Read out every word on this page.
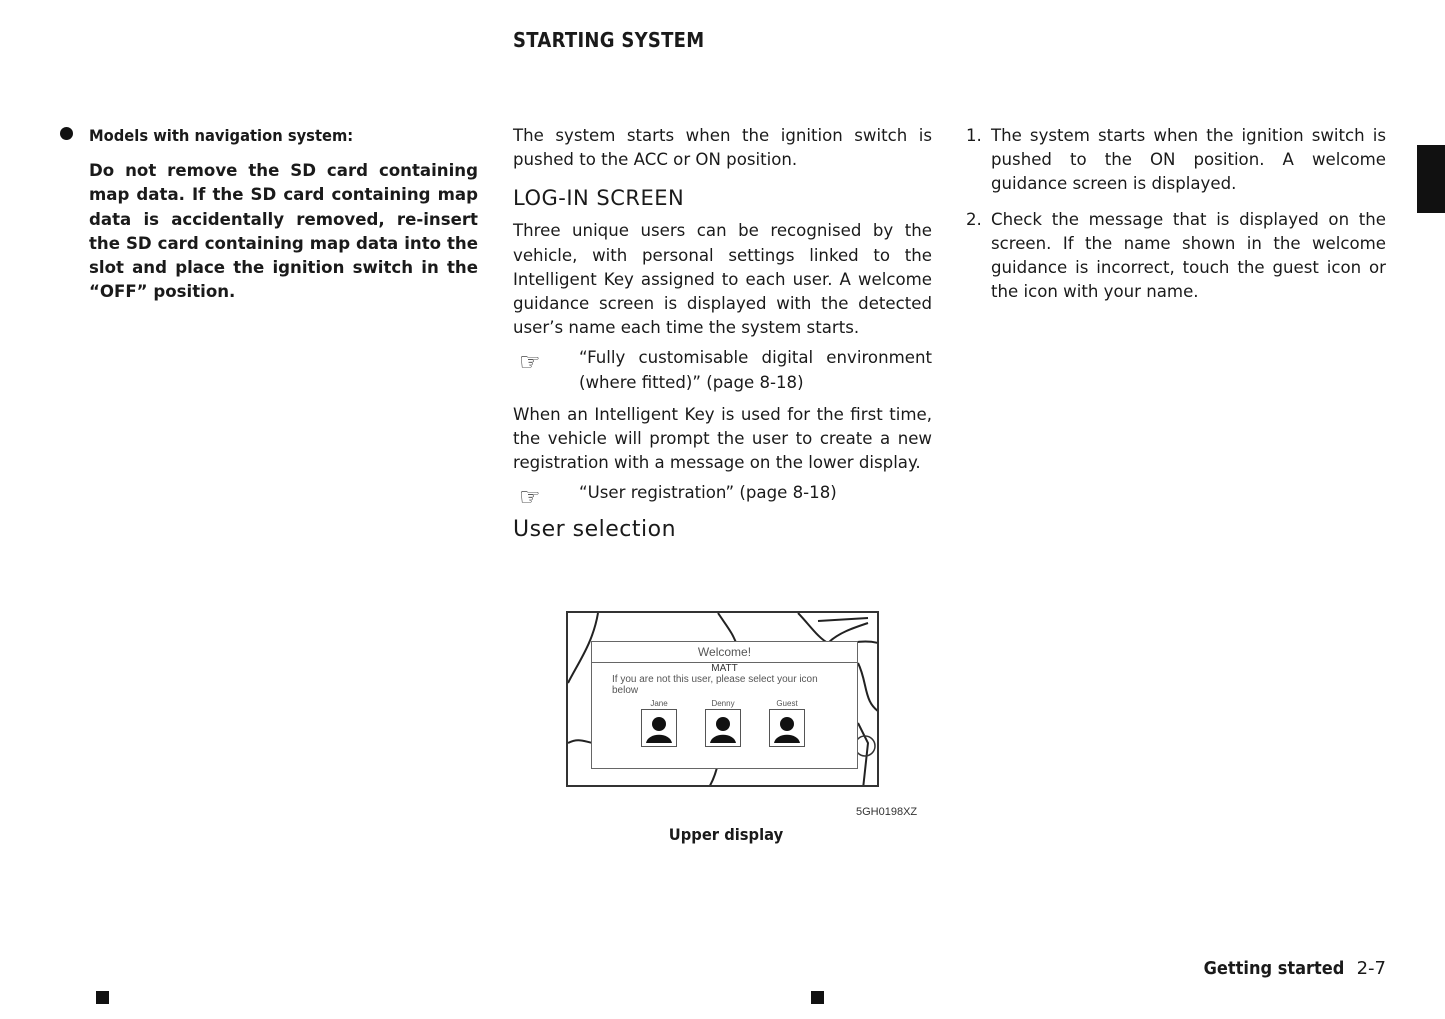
STARTING SYSTEM

Models with navigation system:

Do not remove the SD card containing map data. If the SD card containing map data is accidentally removed, re-insert the SD card containing map data into the slot and place the ignition switch in the “OFF” position.

The system starts when the ignition switch is pushed to the ACC or ON position.

LOG-IN SCREEN

Three unique users can be recognised by the vehicle, with personal settings linked to the Intelligent Key assigned to each user. A welcome guidance screen is displayed with the detected user’s name each time the system starts.

☞	“Fully customisable digital environment (where fitted)” (page 8-18)

When an Intelligent Key is used for the first time, the vehicle will prompt the user to create a new registration with a message on the lower display.

☞	“User registration” (page 8-18)

User selection

Welcome!
MATT
If you are not this user, please select your icon below
Jane	Denny	Guest
5GH0198XZ
Upper display
1. The system starts when the ignition switch is pushed to the ON position. A welcome guidance screen is displayed.
2. Check the message that is displayed on the screen. If the name shown in the welcome guidance is incorrect, touch the guest icon or the icon with your name.
Getting started 2-7
